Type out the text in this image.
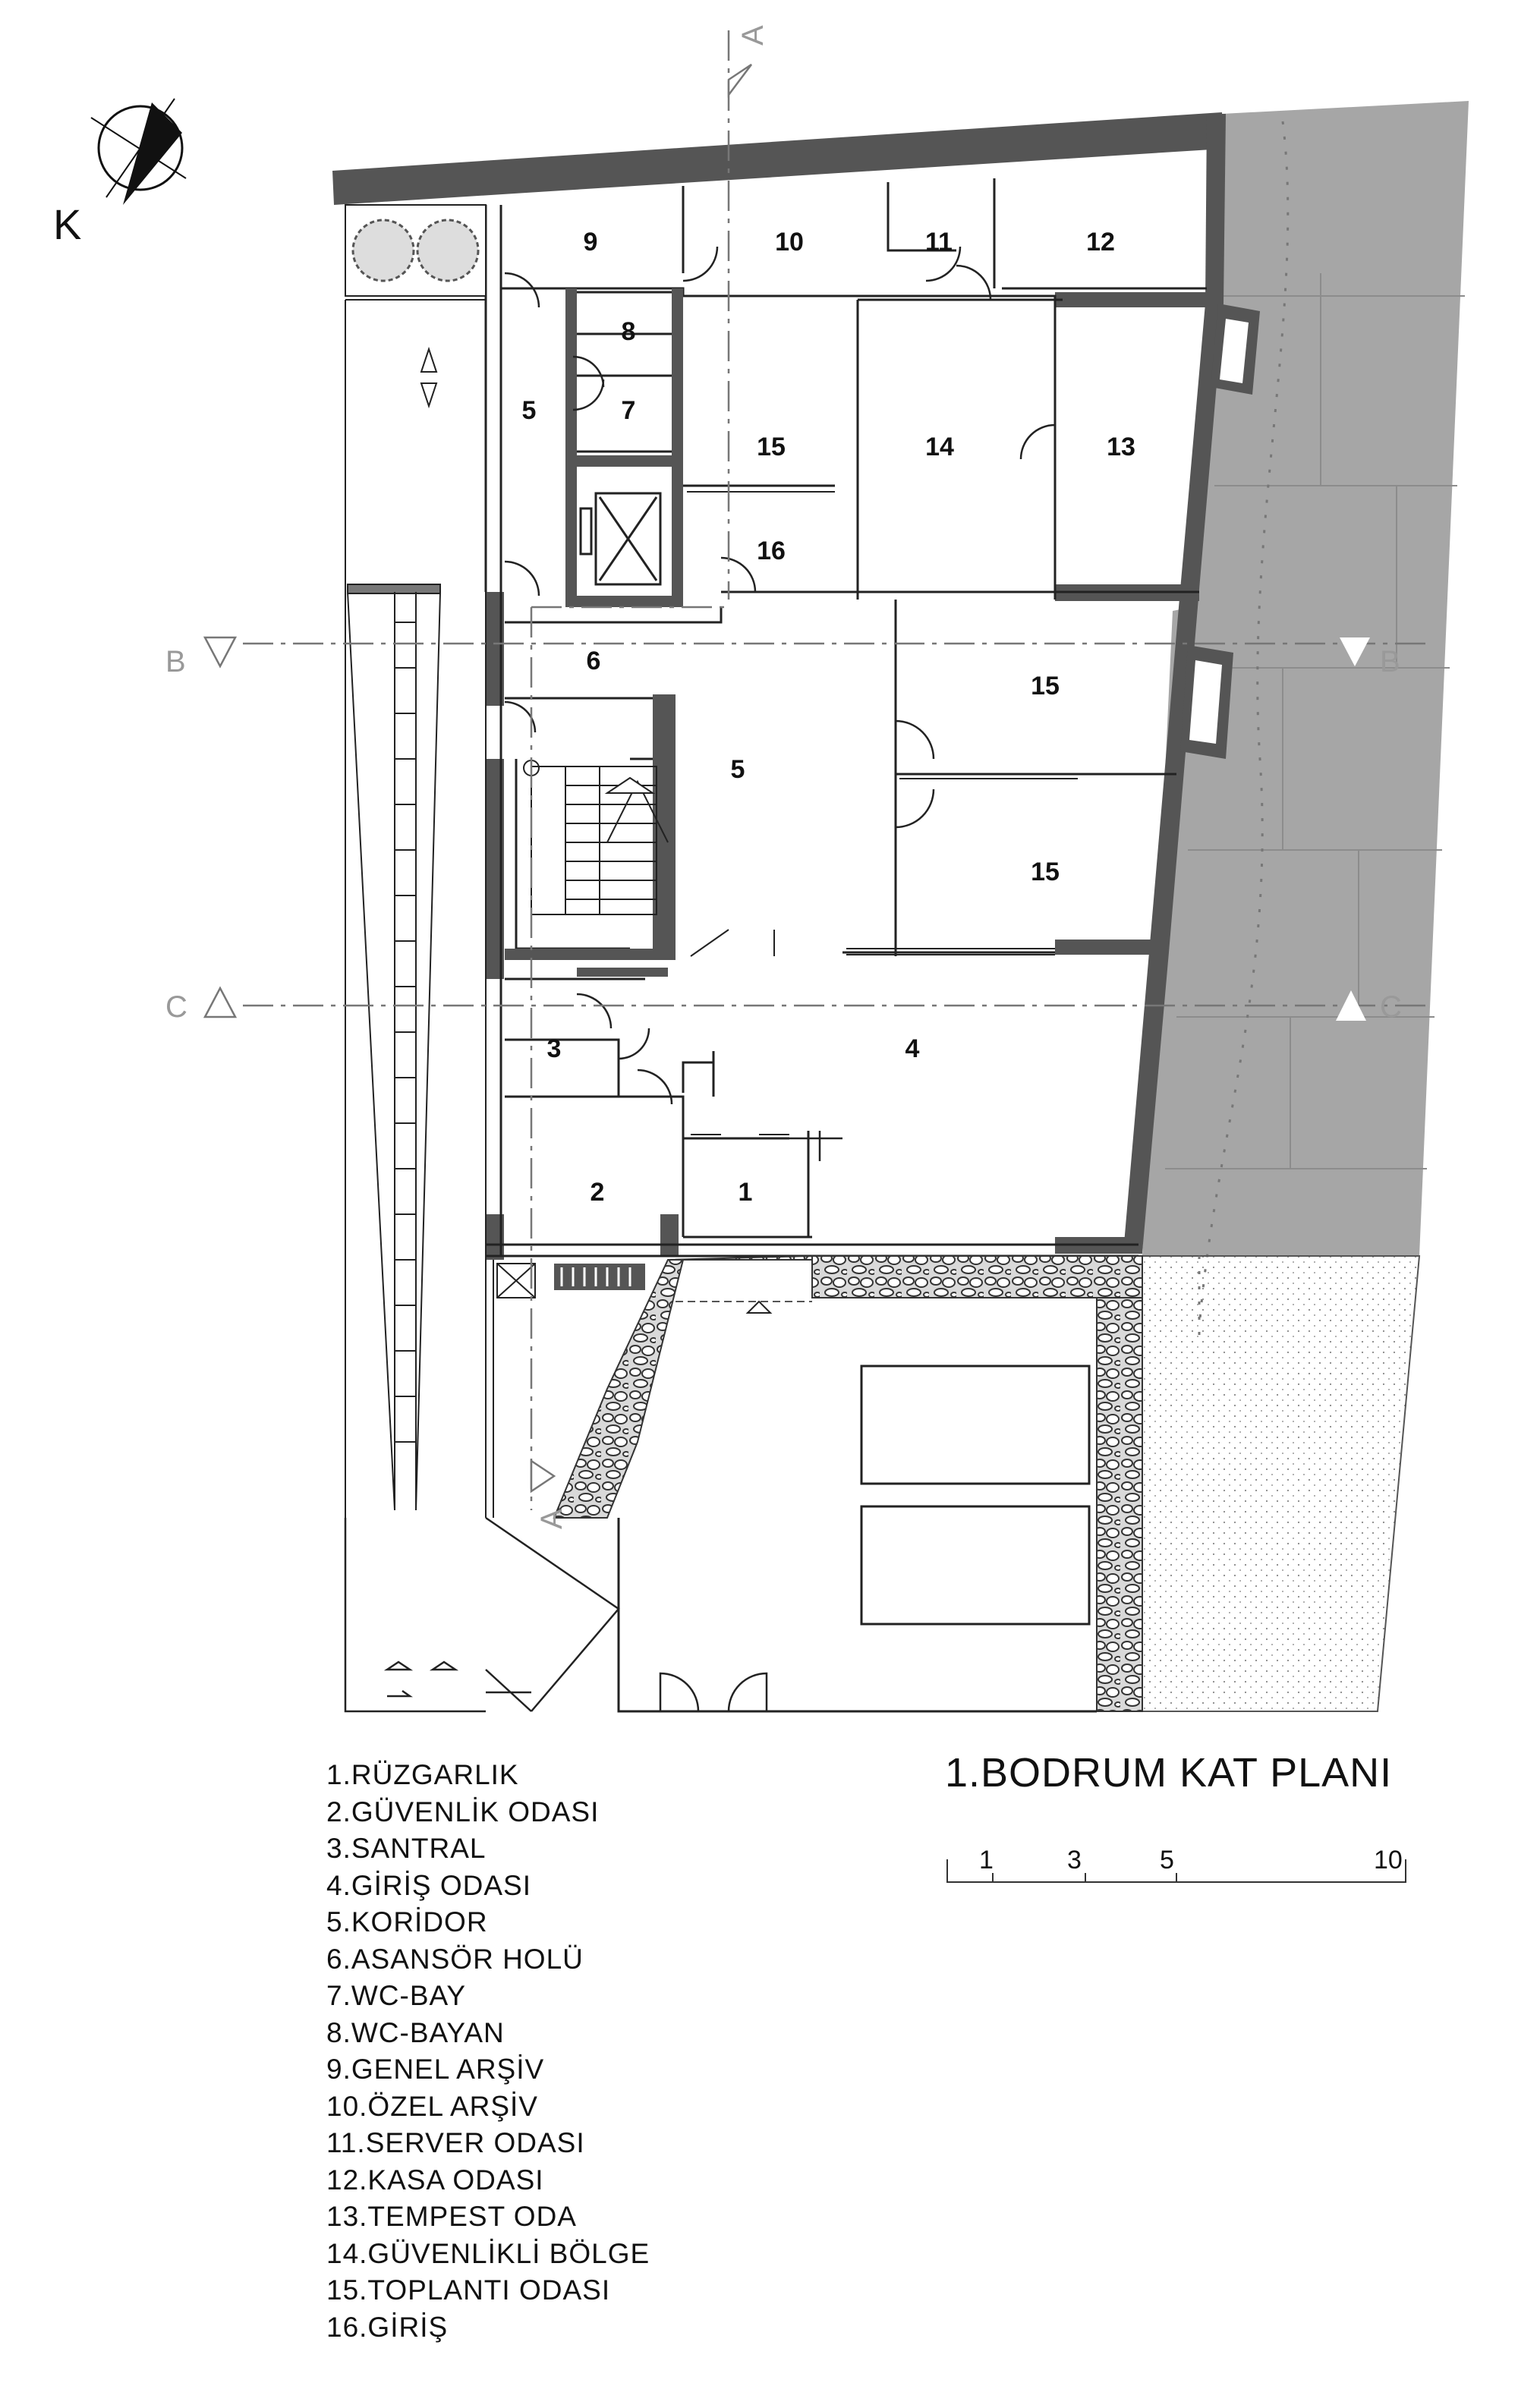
A
A
B	B
C	C
K	9	10	11	12
8
7
5
15	14	13
16
6
5
15
15
3	4
2	1
1.RÜZGARLIK
2.GÜVENLİK ODASI
3.SANTRAL
4.GİRİŞ ODASI
5.KORİDOR
6.ASANSÖR HOLÜ
7.WC-BAY
8.WC-BAYAN
9.GENEL ARŞİV
10.ÖZEL ARŞİV
11.SERVER ODASI
12.KASA ODASI
13.TEMPEST ODA
14.GÜVENLİKLİ BÖLGE
15.TOPLANTI ODASI
16.GİRİŞ
1.BODRUM KAT PLANI
1	3	5	10
